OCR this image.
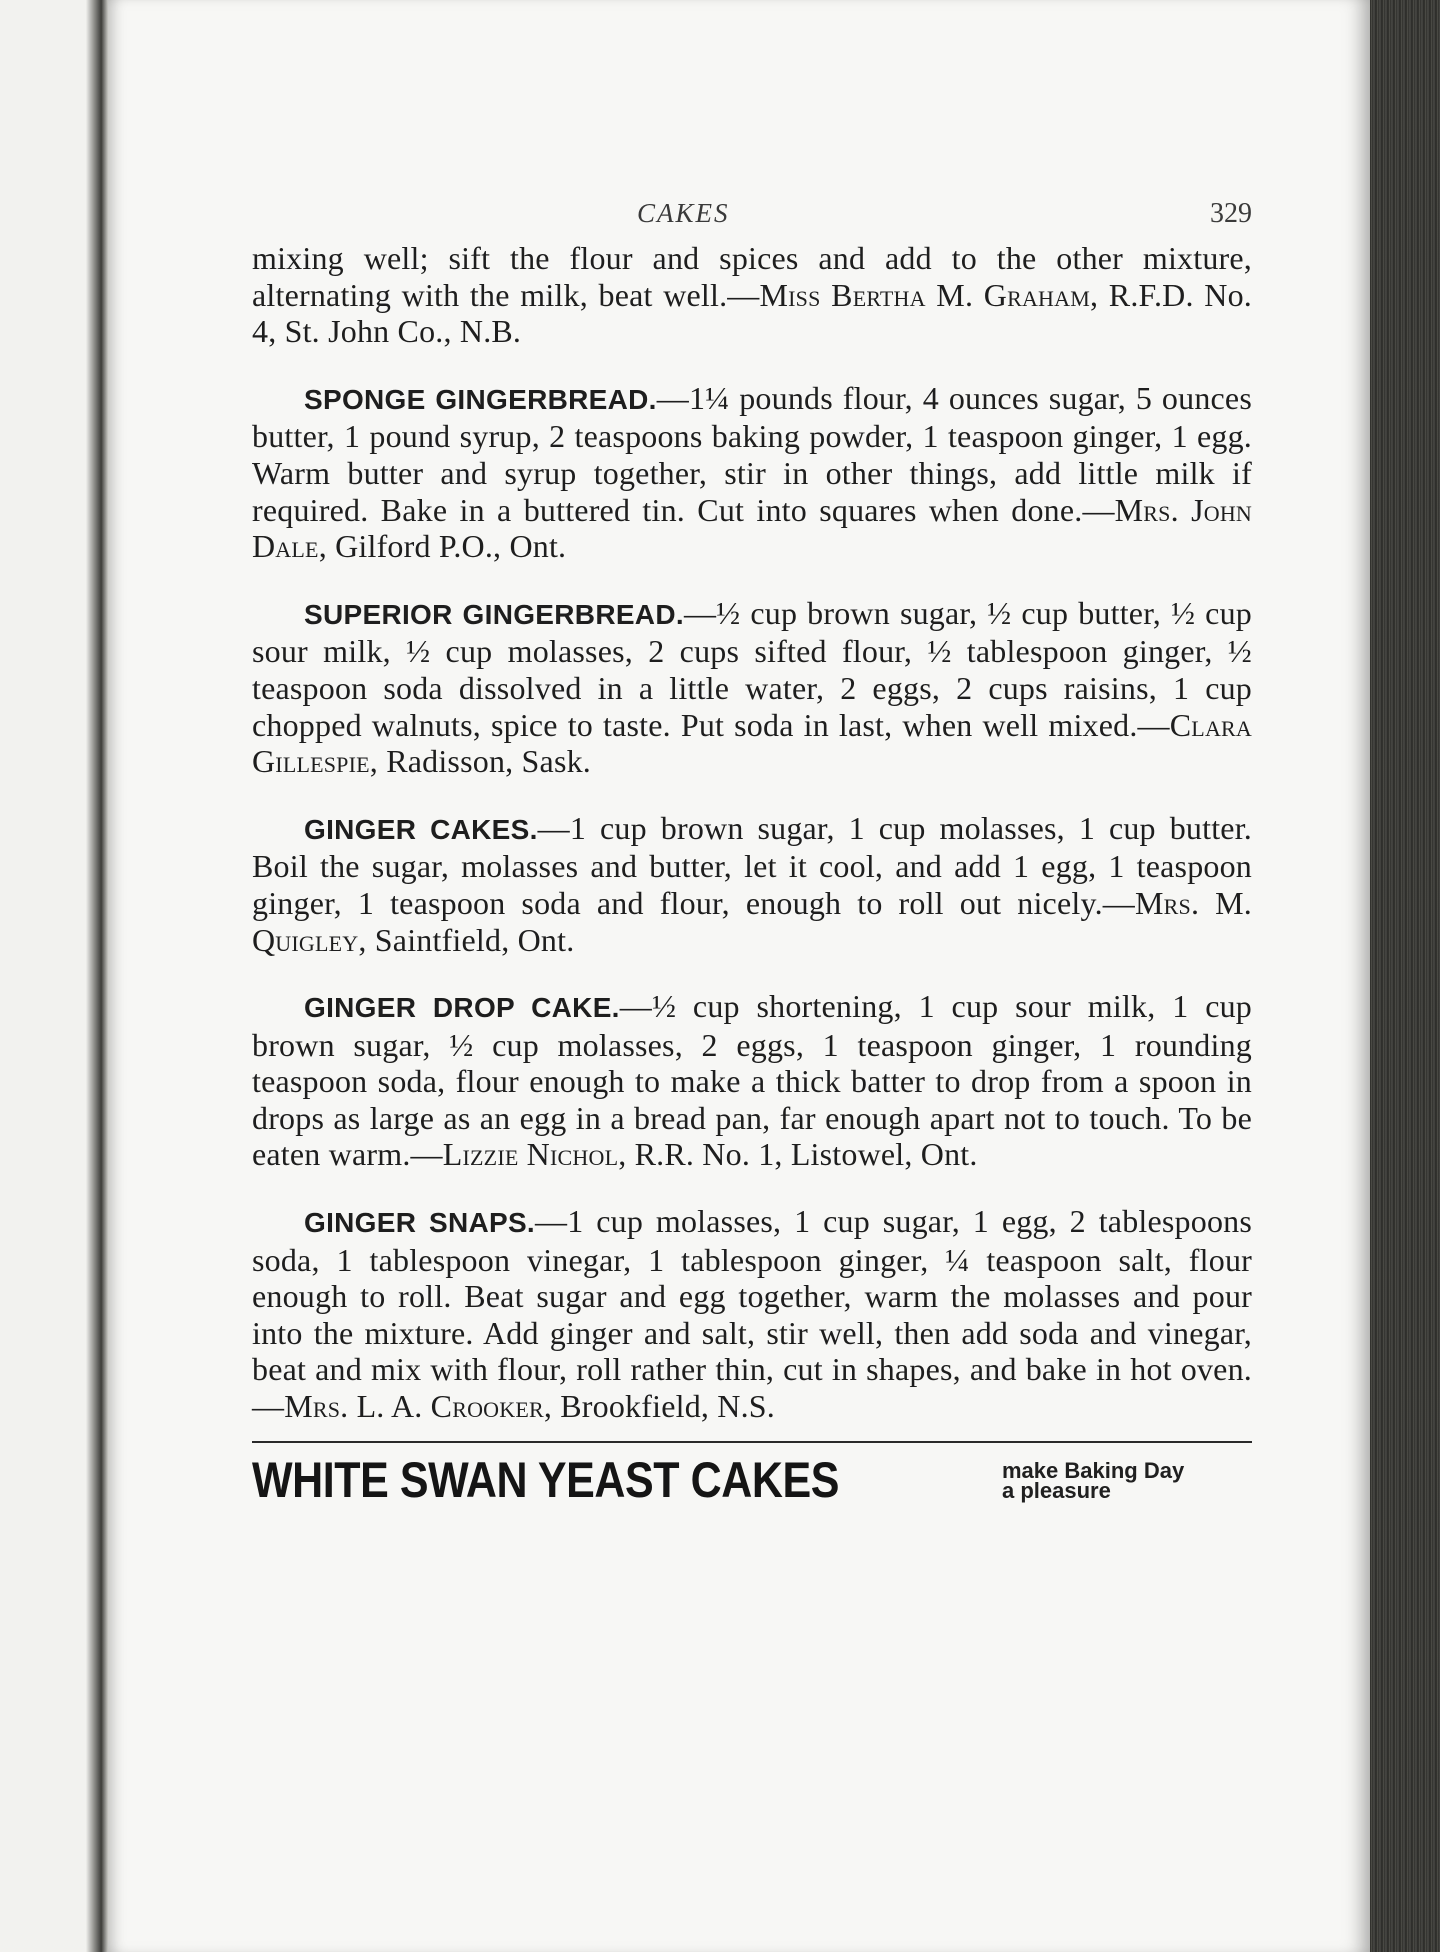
CAKES	329

mixing well; sift the flour and spices and add to the other mixture, alternating with the milk, beat well.—Miss Bertha M. Graham, R.F.D. No. 4, St. John Co., N.B.

SPONGE GINGERBREAD.—1¼ pounds flour, 4 ounces sugar, 5 ounces butter, 1 pound syrup, 2 teaspoons baking powder, 1 teaspoon ginger, 1 egg. Warm butter and syrup together, stir in other things, add little milk if required. Bake in a buttered tin. Cut into squares when done.—Mrs. John Dale, Gilford P.O., Ont.

SUPERIOR GINGERBREAD.—½ cup brown sugar, ½ cup butter, ½ cup sour milk, ½ cup molasses, 2 cups sifted flour, ½ tablespoon ginger, ½ teaspoon soda dissolved in a little water, 2 eggs, 2 cups raisins, 1 cup chopped walnuts, spice to taste. Put soda in last, when well mixed.—Clara Gillespie, Radisson, Sask.

GINGER CAKES.—1 cup brown sugar, 1 cup molasses, 1 cup butter. Boil the sugar, molasses and butter, let it cool, and add 1 egg, 1 teaspoon ginger, 1 teaspoon soda and flour, enough to roll out nicely.—Mrs. M. Quigley, Saintfield, Ont.

GINGER DROP CAKE.—½ cup shortening, 1 cup sour milk, 1 cup brown sugar, ½ cup molasses, 2 eggs, 1 teaspoon ginger, 1 rounding teaspoon soda, flour enough to make a thick batter to drop from a spoon in drops as large as an egg in a bread pan, far enough apart not to touch. To be eaten warm.—Lizzie Nichol, R.R. No. 1, Listowel, Ont.

GINGER SNAPS.—1 cup molasses, 1 cup sugar, 1 egg, 2 tablespoons soda, 1 tablespoon vinegar, 1 tablespoon ginger, ¼ teaspoon salt, flour enough to roll. Beat sugar and egg together, warm the molasses and pour into the mixture. Add ginger and salt, stir well, then add soda and vinegar, beat and mix with flour, roll rather thin, cut in shapes, and bake in hot oven.—Mrs. L. A. Crooker, Brookfield, N.S.

WHITE SWAN YEAST CAKES	make Baking Day
a pleasure
